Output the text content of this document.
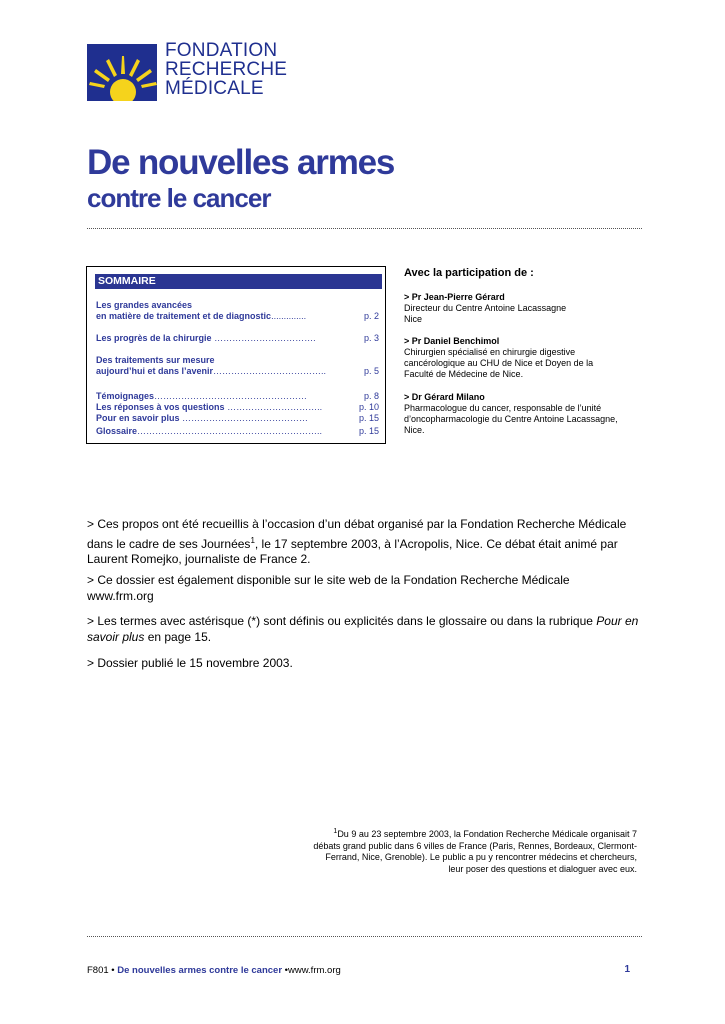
FONDATION
RECHERCHE
MÉDICALE
De nouvelles armes
contre le cancer
SOMMAIRE
Les grandes avancées
en matière de traitement et de diagnostic..............	p. 2
Les progrès de la chirurgie …………………………….	p. 3
Des traitements sur mesure
aujourd’hui et dans l’avenir………………………………..	p. 5
Témoignages……………………………………………	p. 8
Les réponses à vos questions …………………………..	p. 10
Pour en savoir plus ……………………………………	p. 15
Glossaire……………………………………………………..	p. 15
Avec la participation de :
> Pr Jean-Pierre Gérard
Directeur du Centre Antoine Lacassagne
Nice
> Pr Daniel Benchimol
Chirurgien spécialisé en chirurgie digestive
cancérologique au CHU de Nice et Doyen de la
Faculté de Médecine de Nice.
> Dr Gérard Milano
Pharmacologue du cancer, responsable de l’unité
d’oncopharmacologie du Centre Antoine Lacassagne,
Nice.
> Ces propos ont été recueillis à l’occasion d’un débat organisé par la Fondation Recherche Médicale
dans le cadre de ses Journées$^1$, le 17 septembre 2003, à l’Acropolis, Nice. Ce débat était animé par
Laurent Romejko, journaliste de France 2.
> Ce dossier est également disponible sur le site web de la Fondation Recherche Médicale
www.frm.org
> Les termes avec astérisque (*) sont définis ou explicités dans le glossaire ou dans la rubrique Pour en savoir plus en page 15.
> Dossier publié le 15 novembre 2003.
$^1$Du 9 au 23 septembre 2003, la Fondation Recherche Médicale organisait 7
débats grand public dans 6 villes de France (Paris, Rennes, Bordeaux, Clermont-
Ferrand, Nice, Grenoble). Le public a pu y rencontrer médecins et chercheurs,
leur poser des questions et dialoguer avec eux.
F801 • De nouvelles armes contre le cancer •www.frm.org	1
